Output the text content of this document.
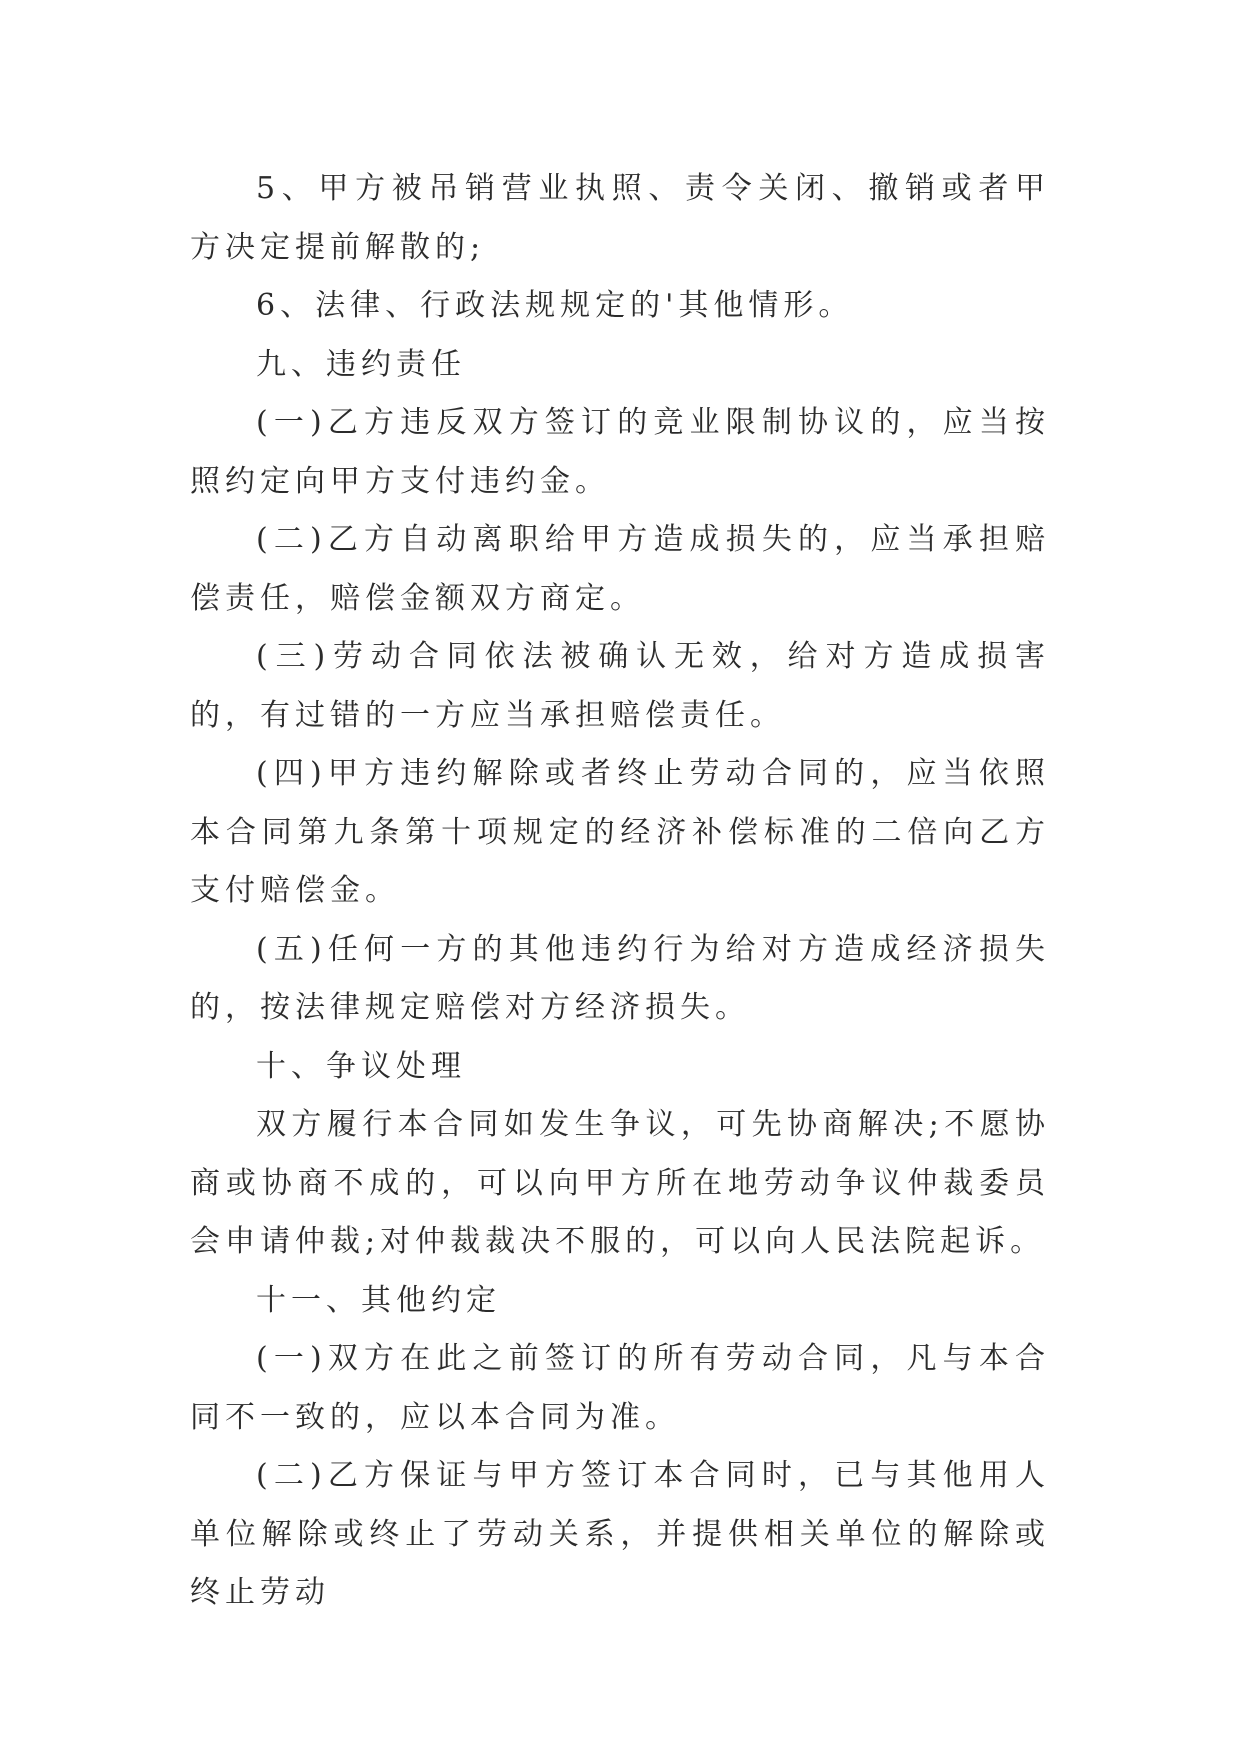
5、甲方被吊销营业执照、责令关闭、撤销或者甲方决定提前解散的;

6、法律、行政法规规定的'其他情形。

九、违约责任

(一)乙方违反双方签订的竞业限制协议的，应当按照约定向甲方支付违约金。

(二)乙方自动离职给甲方造成损失的，应当承担赔偿责任，赔偿金额双方商定。

(三)劳动合同依法被确认无效，给对方造成损害的，有过错的一方应当承担赔偿责任。

(四)甲方违约解除或者终止劳动合同的，应当依照本合同第九条第十项规定的经济补偿标准的二倍向乙方支付赔偿金。

(五)任何一方的其他违约行为给对方造成经济损失的，按法律规定赔偿对方经济损失。

十、争议处理

双方履行本合同如发生争议，可先协商解决;不愿协商或协商不成的，可以向甲方所在地劳动争议仲裁委员会申请仲裁;对仲裁裁决不服的，可以向人民法院起诉。

十一、其他约定

(一)双方在此之前签订的所有劳动合同，凡与本合同不一致的，应以本合同为准。

(二)乙方保证与甲方签订本合同时，已与其他用人单位解除或终止了劳动关系，并提供相关单位的解除或终止劳动
